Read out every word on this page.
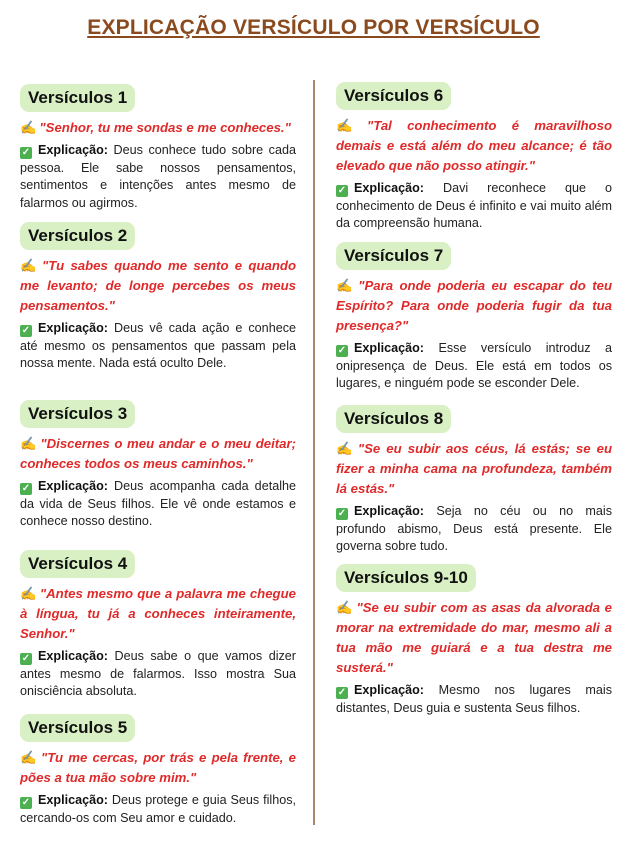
EXPLICAÇÃO VERSÍCULO POR VERSÍCULO
Versículos 1
✍ "Senhor, tu me sondas e me conheces."
✓ Explicação: Deus conhece tudo sobre cada pessoa. Ele sabe nossos pensamentos, sentimentos e intenções antes mesmo de falarmos ou agirmos.
Versículos 2
✍ "Tu sabes quando me sento e quando me levanto; de longe percebes os meus pensamentos."
✓ Explicação: Deus vê cada ação e conhece até mesmo os pensamentos que passam pela nossa mente. Nada está oculto Dele.
Versículos 3
✍ "Discernes o meu andar e o meu deitar; conheces todos os meus caminhos."
✓ Explicação: Deus acompanha cada detalhe da vida de Seus filhos. Ele vê onde estamos e conhece nosso destino.
Versículos 4
✍ "Antes mesmo que a palavra me chegue à língua, tu já a conheces inteiramente, Senhor."
✓ Explicação: Deus sabe o que vamos dizer antes mesmo de falarmos. Isso mostra Sua onisciência absoluta.
Versículos 5
✍ "Tu me cercas, por trás e pela frente, e pões a tua mão sobre mim."
✓ Explicação: Deus protege e guia Seus filhos, cercando-os com Seu amor e cuidado.
Versículos 6
✍ "Tal conhecimento é maravilhoso demais e está além do meu alcance; é tão elevado que não posso atingir."
✓ Explicação: Davi reconhece que o conhecimento de Deus é infinito e vai muito além da compreensão humana.
Versículos 7
✍ "Para onde poderia eu escapar do teu Espírito? Para onde poderia fugir da tua presença?"
✓ Explicação: Esse versículo introduz a onipresença de Deus. Ele está em todos os lugares, e ninguém pode se esconder Dele.
Versículos 8
✍ "Se eu subir aos céus, lá estás; se eu fizer a minha cama na profundeza, também lá estás."
✓ Explicação: Seja no céu ou no mais profundo abismo, Deus está presente. Ele governa sobre tudo.
Versículos 9-10
✍ "Se eu subir com as asas da alvorada e morar na extremidade do mar, mesmo ali a tua mão me guiará e a tua destra me susterá."
✓ Explicação: Mesmo nos lugares mais distantes, Deus guia e sustenta Seus filhos.
